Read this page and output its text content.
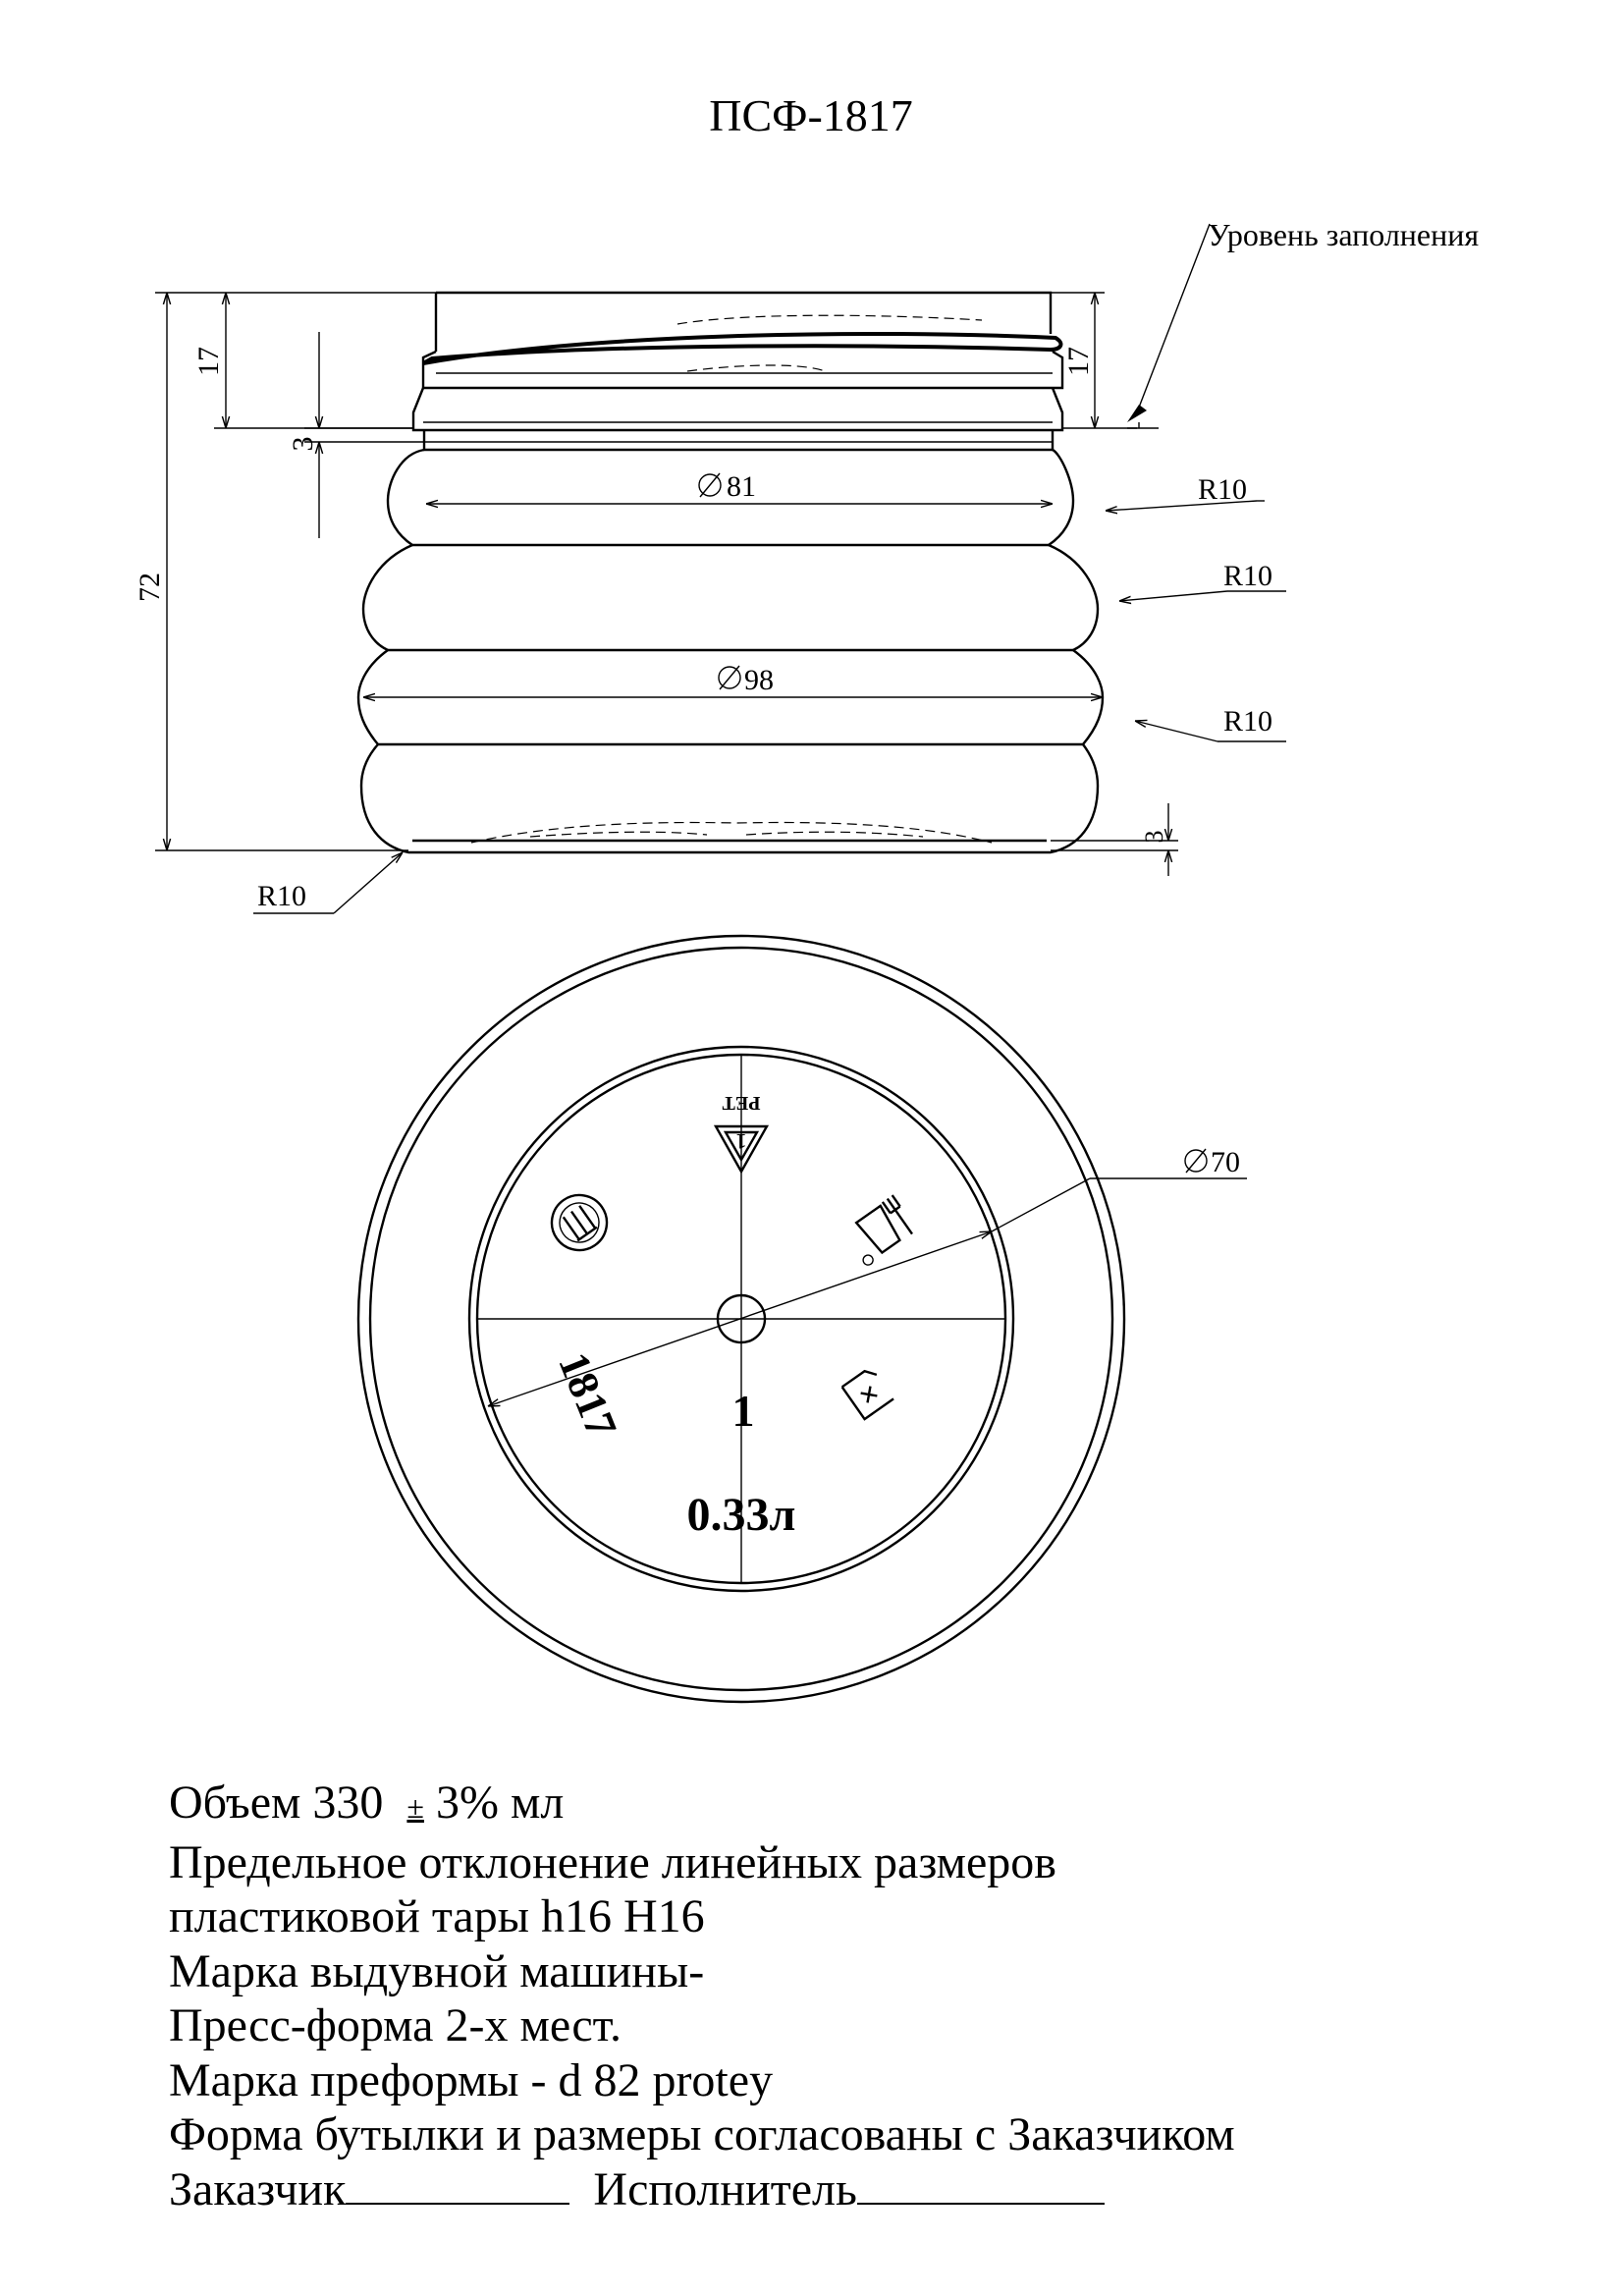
ПСФ-1817
81
98
17
3
72
17
Уровень заполнения
R10
R10
R10
R10
3
70
1
PET
1817 1
0.33л
Объем 330 ± 3% мл
Предельное отклонение линейных размеров
пластиковой тары h16 H16
Марка выдувной машины-
Пресс-форма 2-х мест.
Марка преформы - d 82 protey
Форма бутылки и размеры согласованы с Заказчиком
Заказчик	Исполнитель
